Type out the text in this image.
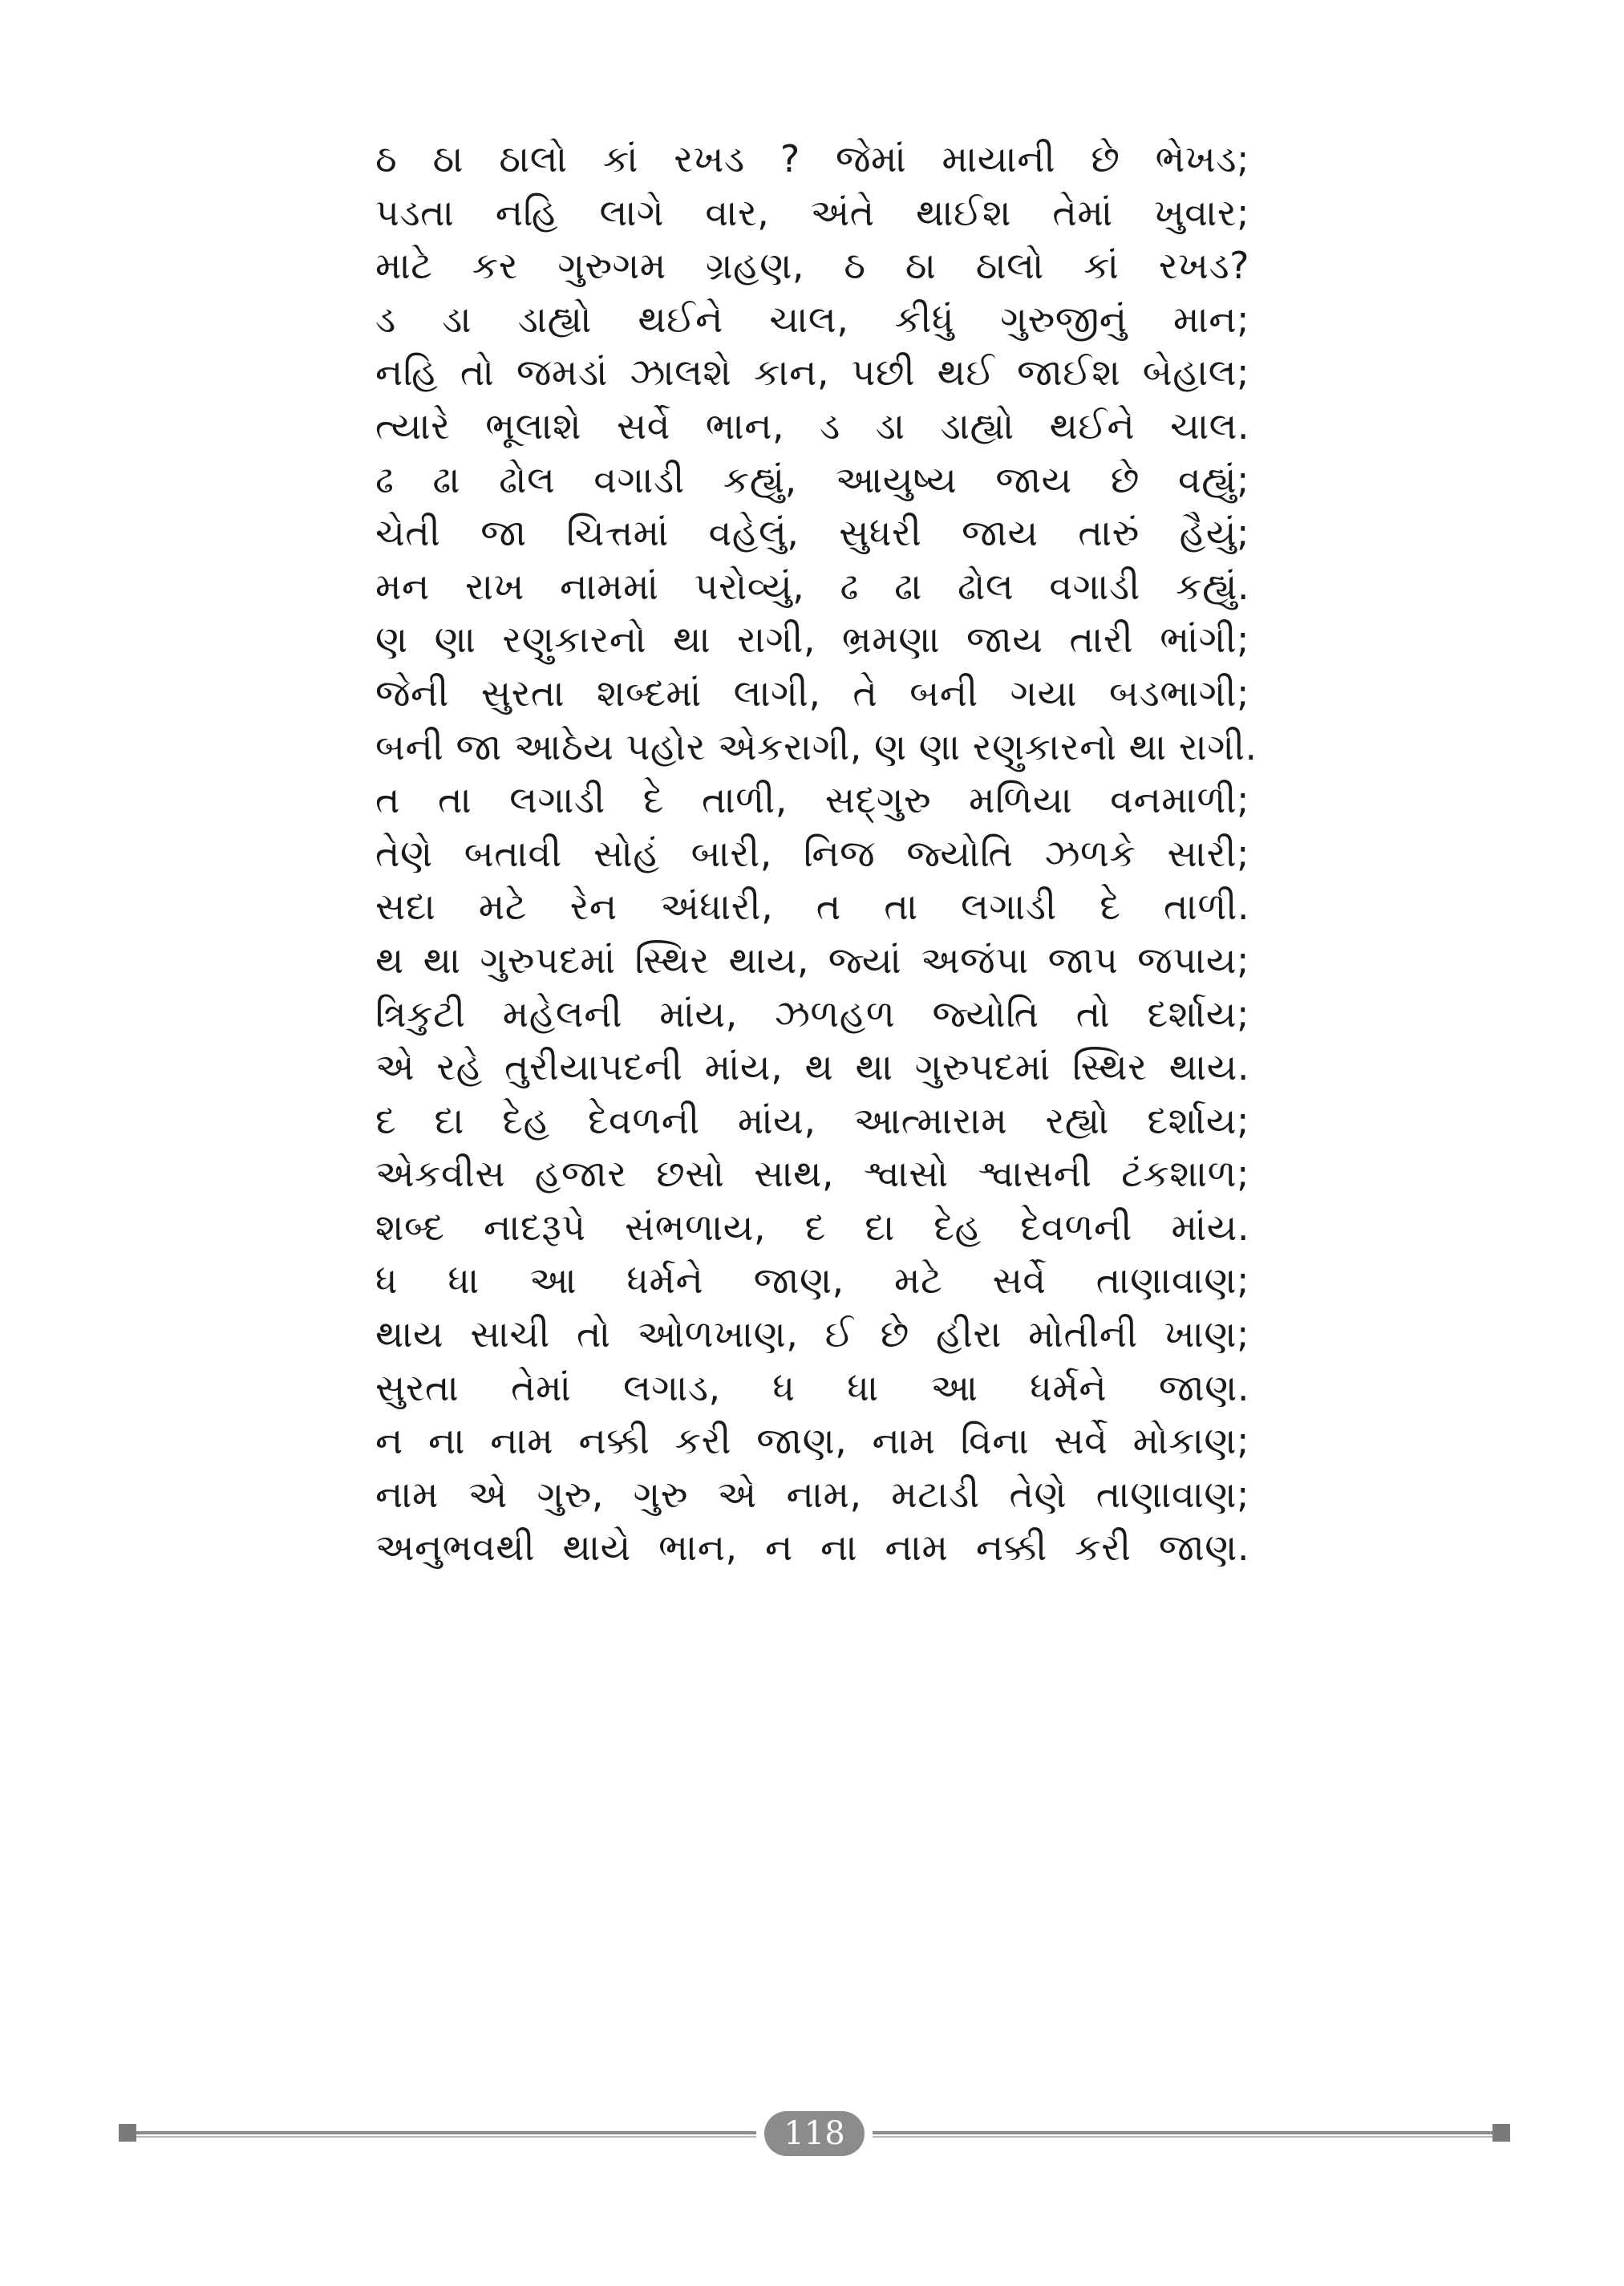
ઠ ઠા ઠાલો કાં રખડ ? જેમાં માયાની છે ભેખડ;
પડતા નહિ લાગે વાર, અંતે થાઈશ તેમાં ખુવાર;
માટે કર ગુરુગમ ગ્રહણ, ઠ ઠા ઠાલો કાં રખડ?
ડ ડા ડાહ્યો થઈને ચાલ, કીધું ગુરુજીનું માન;
નહિ તો જમડાં ઝાલશે કાન, પછી થઈ જાઈશ બેહાલ;
ત્યારે ભૂલાશે સર્વે ભાન, ડ ડા ડાહ્યો થઈને ચાલ.
ઢ ઢા ઢોલ વગાડી કહ્યું, આયુષ્ય જાય છે વહ્યું;
ચેતી જા ચિત્તમાં વહેલું, સુધરી જાય તારું હૈયું;
મન રાખ નામમાં પરોવ્યું, ઢ ઢા ઢોલ વગાડી કહ્યું.
ણ ણા રણુકારનો થા રાગી, ભ્રમણા જાય તારી ભાંગી;
જેની સુરતા શબ્દમાં લાગી, તે બની ગયા બડભાગી;
બની જા આઠેય પહોર એકરાગી, ણ ણા રણુકારનો થા રાગી.
ત તા લગાડી દે તાળી, સદ્‌ગુરુ મળિયા વનમાળી;
તેણે બતાવી સોહં બારી, નિજ જ્યોતિ ઝળકે સારી;
સદા મટે રેન અંધારી, ત તા લગાડી દે તાળી.
થ થા ગુરુપદમાં સ્થિર થાય, જ્યાં અજંપા જાપ જપાય;
ત્રિકુટી મહેલની માંય, ઝળહળ જ્યોતિ તો દર્શાય;
એ રહે તુરીયાપદની માંય, થ થા ગુરુપદમાં સ્થિર થાય.
દ દા દેહ દેવળની માંય, આત્મારામ રહ્યો દર્શાય;
એકવીસ હજાર છસો સાથ, શ્વાસો શ્વાસની ટંકશાળ;
શબ્દ નાદરૂપે સંભળાય, દ દા દેહ દેવળની માંય.
ધ ધા આ ધર્મને જાણ, મટે સર્વે તાણાવાણ;
થાય સાચી તો ઓળખાણ, ઈ છે હીરા મોતીની ખાણ;
સુરતા તેમાં લગાડ, ધ ધા આ ધર્મને જાણ.
ન ના નામ નક્કી કરી જાણ, નામ વિના સર્વે મોકાણ;
નામ એ ગુરુ, ગુરુ એ નામ, મટાડી તેણે તાણાવાણ;
અનુભવથી થાયે ભાન, ન ના નામ નક્કી કરી જાણ.
118
